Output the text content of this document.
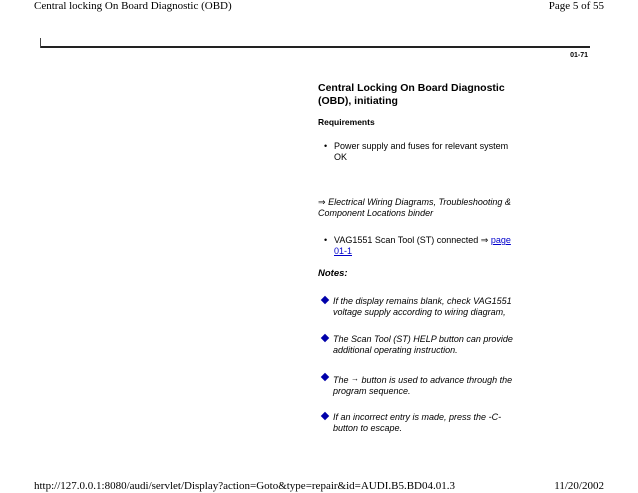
Central locking On Board Diagnostic (OBD)	Page 5 of 55
01-71
Central Locking On Board Diagnostic
(OBD), initiating
Requirements
• Power supply and fuses for relevant system
OK
⇒ Electrical Wiring Diagrams, Troubleshooting &
Component Locations binder
• VAG1551 Scan Tool (ST) connected ⇒ page
01-1
Notes:
If the display remains blank, check VAG1551
voltage supply according to wiring diagram,
The Scan Tool (ST) HELP button can provide
additional operating instruction.
The → button is used to advance through the
program sequence.
If an incorrect entry is made, press the -C-
button to escape.
http://127.0.0.1:8080/audi/servlet/Display?action=Goto&type=repair&id=AUDI.B5.BD04.01.3	11/20/2002
